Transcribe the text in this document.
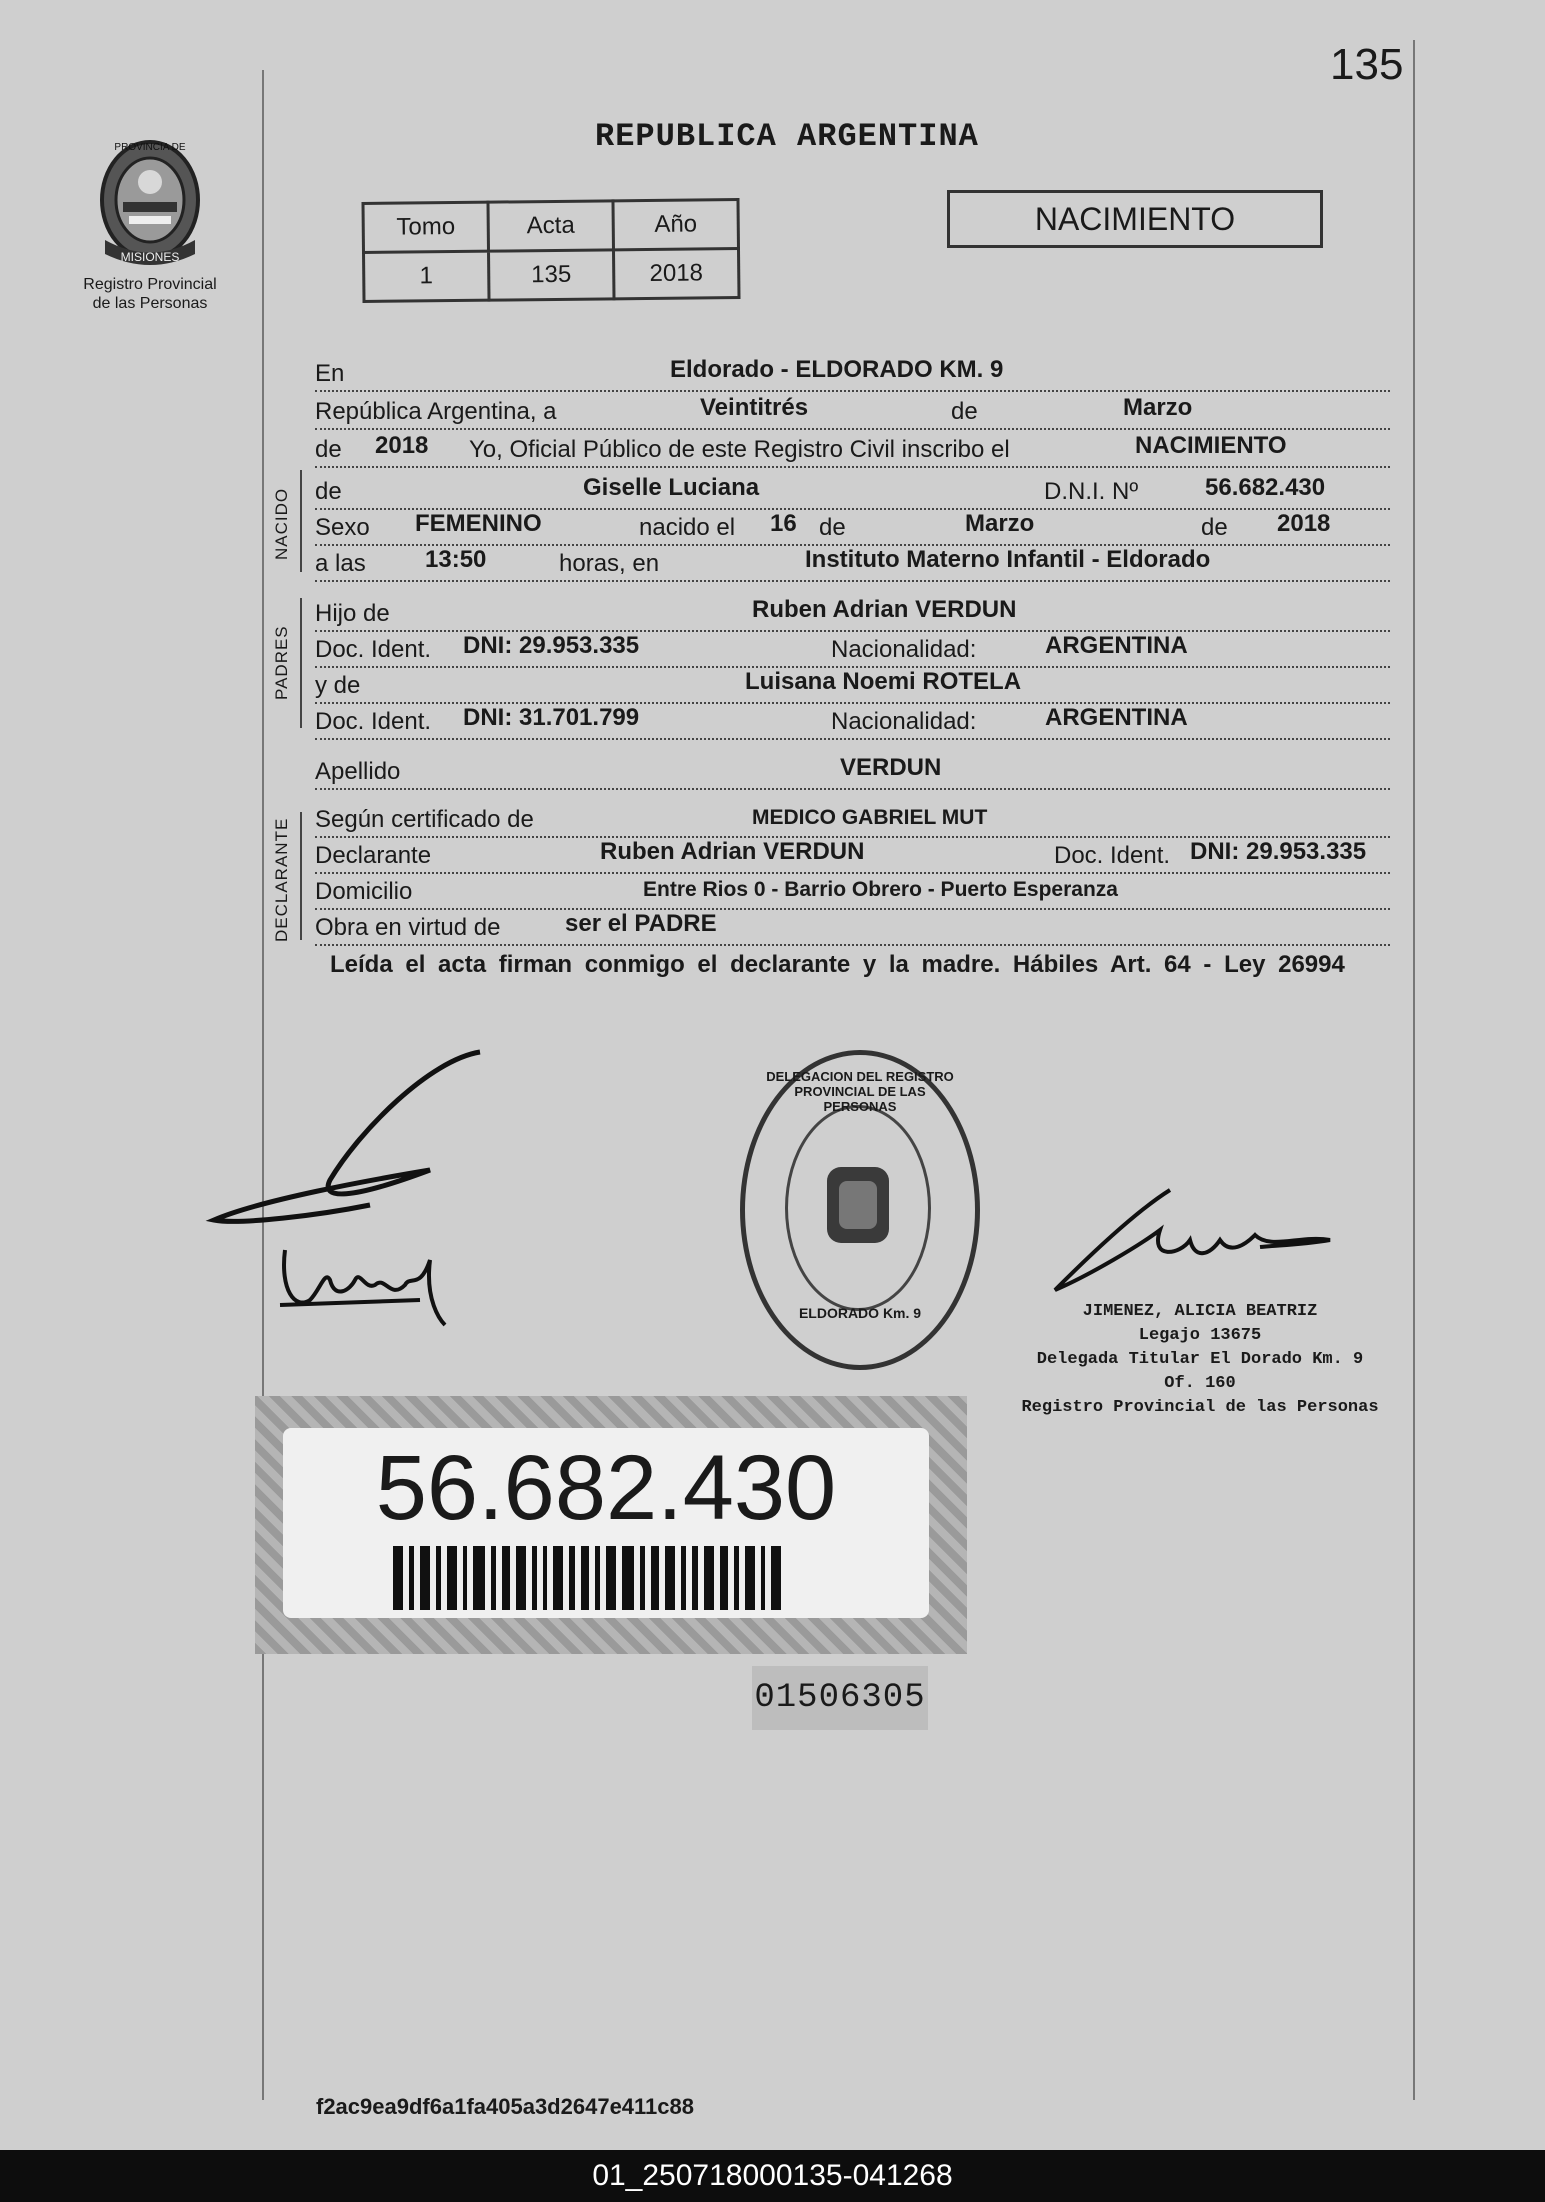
135
REPUBLICA ARGENTINA
MISIONES
PROVINCIA DE
Registro Provincial
de las Personas
Tomo	Acta	Año
1	135	2018
NACIMIENTO
En	Eldorado - ELDORADO KM. 9
República Argentina, a	Veintitrés	de	Marzo
de 2018 Yo, Oficial Público de este Registro Civil inscribo el	NACIMIENTO
NACIDO de	Giselle Luciana	D.N.I. Nº	56.682.430
Sexo FEMENINO	nacido el 16 de	Marzo	de 2018
a las 13:50	horas, en	Instituto Materno Infantil - Eldorado
PADRES
Hijo de	Ruben Adrian VERDUN
Doc. Ident. DNI: 29.953.335	Nacionalidad:	ARGENTINA
y de	Luisana Noemi ROTELA
Doc. Ident. DNI: 31.701.799	Nacionalidad:	ARGENTINA
Apellido	VERDUN
DECLARANTE Según certificado de	MEDICO GABRIEL MUT
Declarante	Ruben Adrian VERDUN	Doc. Ident. DNI: 29.953.335
Domicilio	Entre Rios 0 - Barrio Obrero - Puerto Esperanza
Obra en virtud de	ser el PADRE
Leída el acta firman conmigo el declarante y la madre. Hábiles Art. 64 - Ley 26994
DELEGACION DEL REGISTRO PROVINCIAL DE LAS PERSONAS
ELDORADO Km. 9	JIMENEZ, ALICIA BEATRIZ
Legajo 13675
Delegada Titular El Dorado Km. 9 Of. 160
Registro Provincial de las Personas
56.682.430
01506305
f2ac9ea9df6a1fa405a3d2647e411c88
01_250718000135-041268
